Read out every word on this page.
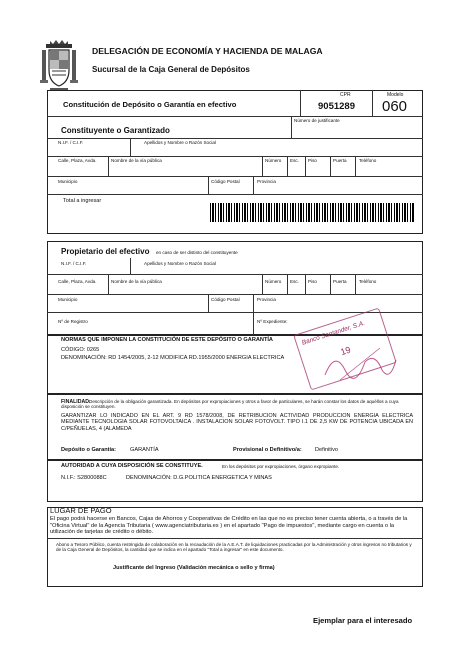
DELEGACIÓN DE ECONOMÍA Y HACIENDA DE MALAGA
Sucursal de la Caja General de Depósitos
Constitución de Depósito o Garantía en efectivo
CPR
9051289
Modelo
060
Número de justificante
Constituyente o Garantizado
N.I.F. / C.I.F.	Apellidos y Nombre o Razón Social
Calle, Plaza, Avda.	Nombre de la vía pública	Número Esc. Piso	Puerta	Teléfono
Municipio	Código Postal	Provincia
Total a ingresar
Propietario del efectivo en caso de ser distinto del constituyente
N.I.F. / C.I.F.	Apellidos y Nombre o Razón Social
Calle, Plaza, Avda.	Nombre de la vía pública	Número Esc. Piso	Puerta	Teléfono
Municipio	Código Postal	Provincia
Nº de Registro	Nº Expediente:
NORMAS QUE IMPONEN LA CONSTITUCIÓN DE ESTE DEPÓSITO O GARANTÍA
CÓDIGO: 0265
DENOMINACIÓN: RD 1454/2005, 2-12 MODIFICA RD.1955/2000 ENERGIA ELECTRICA
Banco Santander, S.A.
19
FINALIDAD.
Descripción de la obligación garantizada. En depósitos por expropiaciones y otros a favor de particulares, se harán constar los datos de aquéllos a cuya disposición se constituyen.
GARANTIZAR LO INDICADO EN EL ART. 9 RD 1578/2008, DE RETRIBUCION ACTIVIDAD PRODUCCION ENERGIA ELECTRICA MEDIANTE TECNOLOGIA SOLAR FOTOVOLTAICA . INSTALACION SOLAR FOTOVOLT. TIPO I.1 DE 2,5 KW DE POTENCIA UBICADA EN C/PEÑUELAS, 4 (ALAMEDA
Depósito o Garantía: GARANTÍA	Provisional o Definitivo/a: Definitivo
AUTORIDAD A CUYA DISPOSICIÓN SE CONSTITUYE.	En los depósitos por expropiaciones, órgano expropiante.
N.I.F.: S2800088C	DENOMINACIÓN: D.G.POLITICA ENERGETICA Y MINAS
LUGAR DE PAGO
El pago podrá hacerse en Bancos, Cajas de Ahorros y Cooperativas de Crédito en las que no es preciso tener cuenta abierta, o a través de la "Oficina Virtual" de la Agencia Tributaria ( www.agenciatributaria.es ) en el apartado "Pago de impuestos", mediante cargo en cuenta o la utilización de tarjetas de crédito o débito.
Abono a Tesoro Público, cuenta restringida de colaboración en la recaudación de la A.E.A.T. de liquidaciones practicadas por la Administración y otros ingresos no tributarios y de la Caja General de Depósitos, la cantidad que se indica en el apartado "Total a ingresar" en este documento.
Justificante del Ingreso (Validación mecánica o sello y firma)
Ejemplar para el interesado
